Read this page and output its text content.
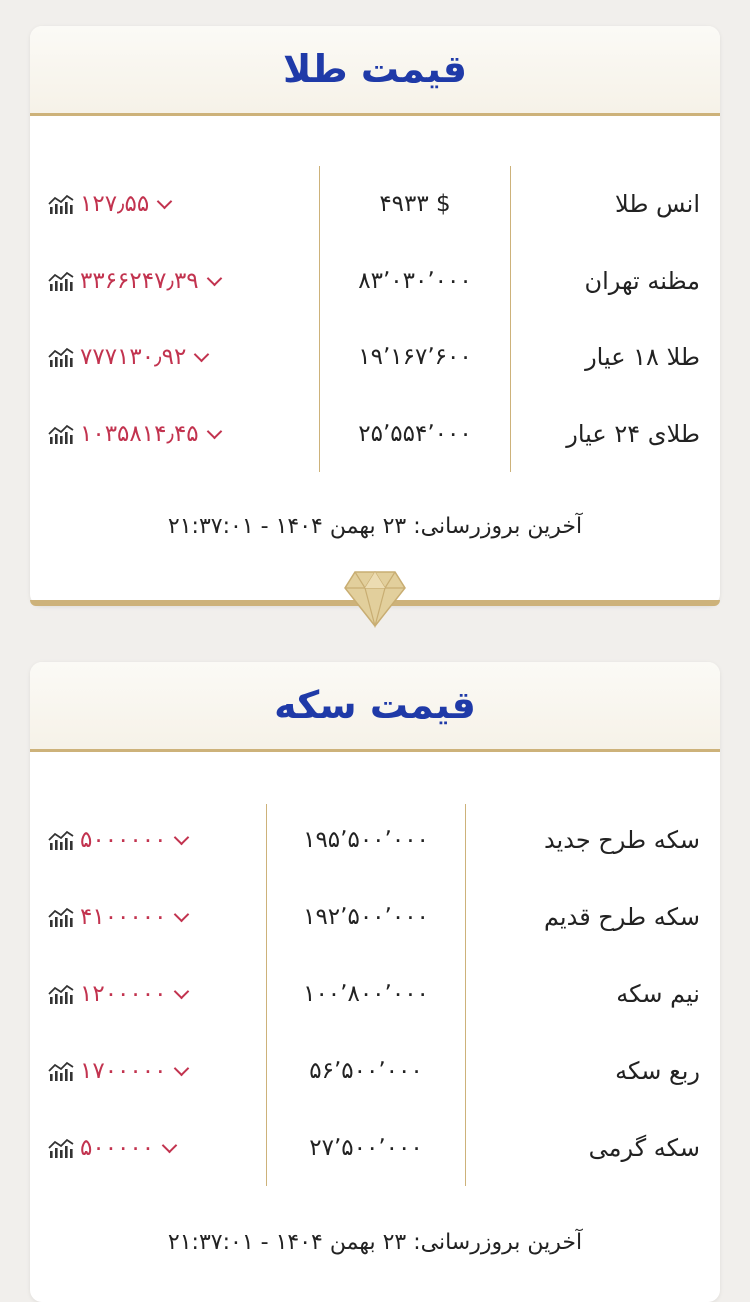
قیمت طلا
انس طلا
۴۹۳۳ $
۱۲۷٫۵۵
مظنه تهران
۸۳٬۰۳۰٬۰۰۰
۳۳۶۶۲۴۷٫۳۹
طلا ۱۸ عیار
۱۹٬۱۶۷٬۶۰۰
۷۷۷۱۳۰٫۹۲
طلای ۲۴ عیار
۲۵٬۵۵۴٬۰۰۰
۱۰۳۵۸۱۴٫۴۵
آخرین بروزرسانی: ۲۳ بهمن ۱۴۰۴ - ۲۱:۳۷:۰۱
قیمت سکه
سکه طرح جدید
۱۹۵٬۵۰۰٬۰۰۰
۵۰۰۰۰۰۰
سکه طرح قدیم
۱۹۲٬۵۰۰٬۰۰۰
۴۱۰۰۰۰۰
نیم سکه
۱۰۰٬۸۰۰٬۰۰۰
۱۲۰۰۰۰۰
ربع سکه
۵۶٬۵۰۰٬۰۰۰
۱۷۰۰۰۰۰
سکه گرمی
۲۷٬۵۰۰٬۰۰۰
۵۰۰۰۰۰
آخرین بروزرسانی: ۲۳ بهمن ۱۴۰۴ - ۲۱:۳۷:۰۱
